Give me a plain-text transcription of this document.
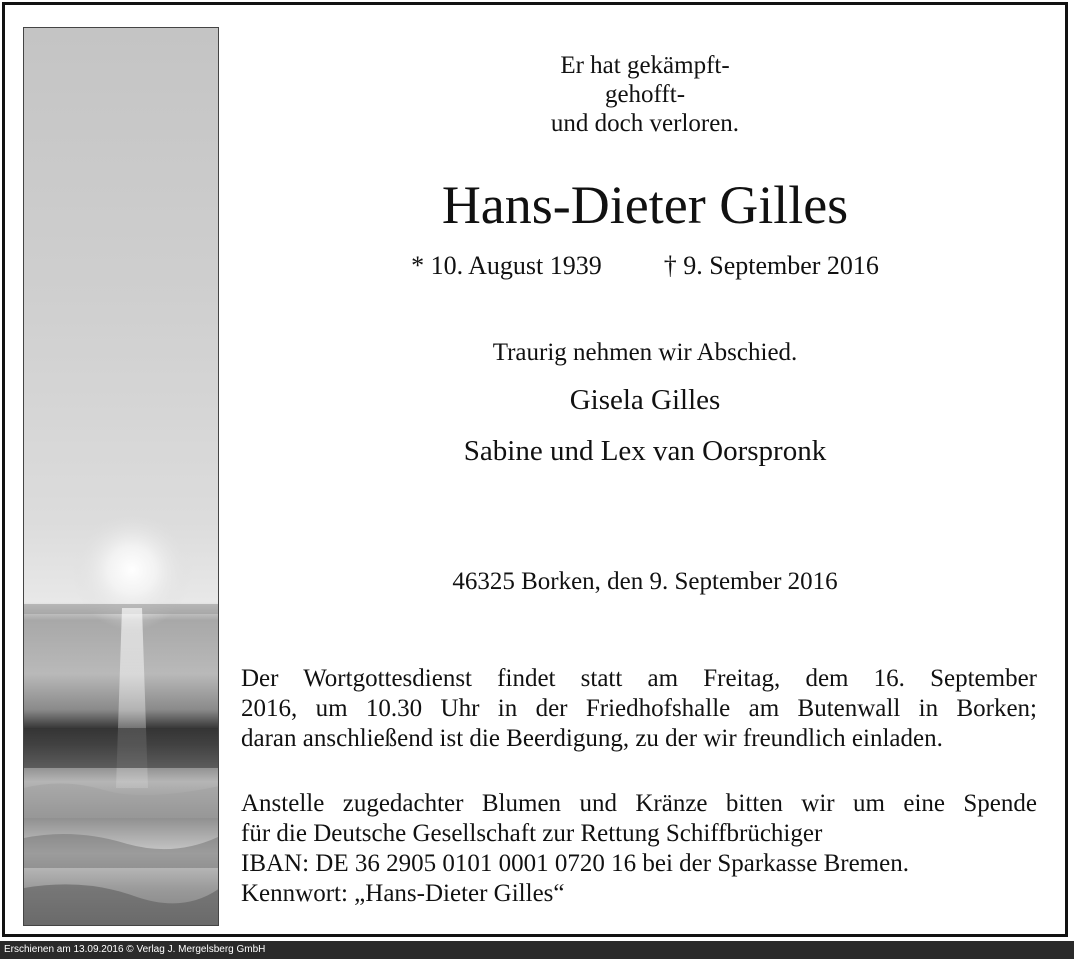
Er hat gekämpft-
gehofft-
und doch verloren.
Hans-Dieter Gilles
* 10. August 1939 † 9. September 2016
Traurig nehmen wir Abschied.
Gisela Gilles
Sabine und Lex van Oorspronk
46325 Borken, den 9. September 2016
Der Wortgottesdienst findet statt am Freitag, dem 16. September
2016, um 10.30 Uhr in der Friedhofshalle am Butenwall in Borken;
daran anschließend ist die Beerdigung, zu der wir freundlich einladen.
Anstelle zugedachter Blumen und Kränze bitten wir um eine Spende
für die Deutsche Gesellschaft zur Rettung Schiffbrüchiger
IBAN: DE 36 2905 0101 0001 0720 16 bei der Sparkasse Bremen.
Kennwort: „Hans-Dieter Gilles“
Erschienen am 13.09.2016 © Verlag J. Mergelsberg GmbH
